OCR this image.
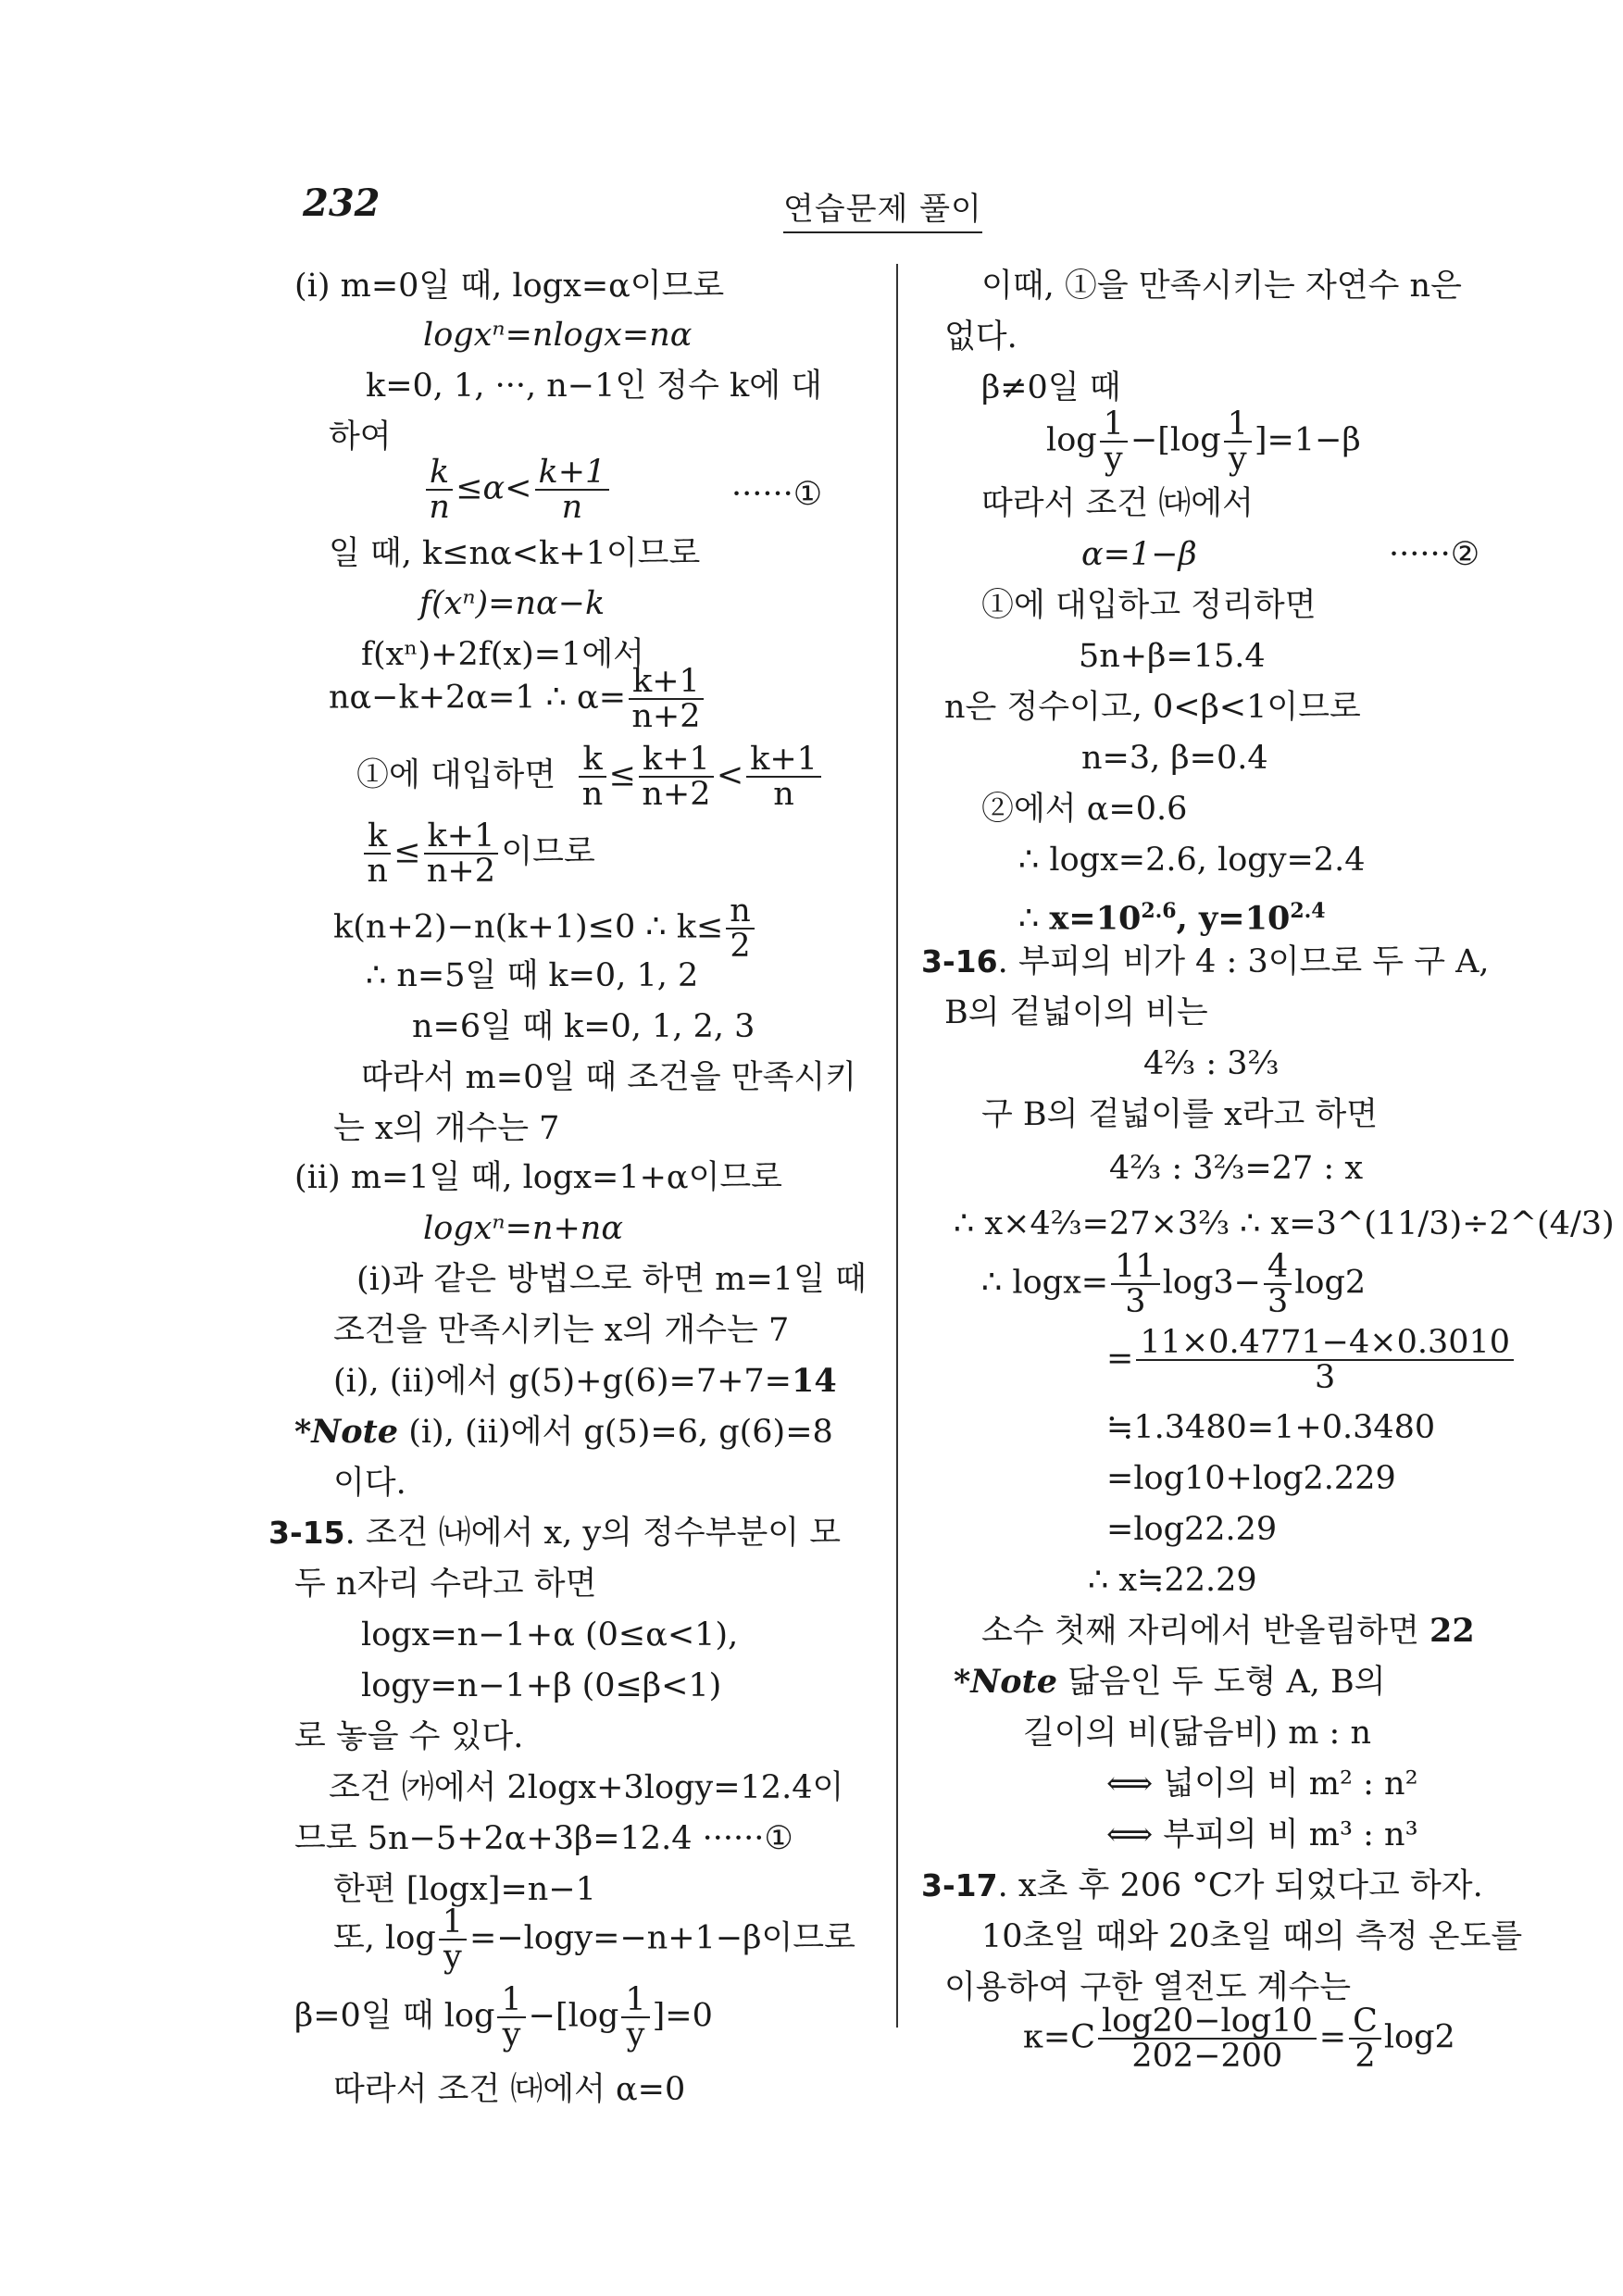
232	연습문제 풀이
(i) m=0일 때, logx=α이므로
logxⁿ=nlogx=nα
k=0, 1, ···, n−1인 정수 k에 대
하여
$\frac{k}{n} \le\alpha< \frac{k+1}{n}$	······①
일 때, k≤nα<k+1이므로
f(xⁿ)=nα−k
f(xⁿ)+2f(x)=1에서
nα−k+2α=1 ∴ $\alpha= \frac{k+1}{n+2}$
①에 대입하면 $\frac{k}{n} \le \frac{k+1}{n+2} < \frac{k+1}{n}$
$\frac{k}{n} \le \frac{k+1}{n+2}$ 이므로
k(n+2)−n(k+1)≤0 ∴ $k\le \frac{n}{2}$
∴ n=5일 때 k=0, 1, 2
n=6일 때 k=0, 1, 2, 3
따라서 m=0일 때 조건을 만족시키
는 x의 개수는 7
(ii) m=1일 때, logx=1+α이므로
logxⁿ=n+nα
(i)과 같은 방법으로 하면 m=1일 때
조건을 만족시키는 x의 개수는 7
(i), (ii)에서 g(5)+g(6)=7+7=14
*Note (i), (ii)에서 g(5)=6, g(6)=8
이다.
3-15. 조건 ㈏에서 x, y의 정수부분이 모
두 n자리 수라고 하면
logx=n−1+α (0≤α<1),
logy=n−1+β (0≤β<1)
로 놓을 수 있다.
조건 ㈎에서 2logx+3logy=12.4이
므로 5n−5+2α+3β=12.4 ······①
한편 [logx]=n−1
또, $\log \frac{1}{y} =-\log y=-n+1-\beta$이므로
β=0일 때 $\log \frac{1}{y} -[\log \frac{1}{y} ]=0$
따라서 조건 ㈐에서 α=0
이때, ①을 만족시키는 자연수 n은
없다.
β≠0일 때
$\log \frac{1}{y} -[\log \frac{1}{y} ]=1-\beta$
따라서 조건 ㈐에서
α=1−β	······②
①에 대입하고 정리하면
5n+β=15.4
n은 정수이고, 0<β<1이므로
n=3, β=0.4
②에서 α=0.6
∴ logx=2.6, logy=2.4
∴ $x=10^{2.6}$, $y=10^{2.4}$
3-16. 부피의 비가 4 : 3이므로 두 구 A,
B의 겉넓이의 비는
4⅔ : 3⅔
구 B의 겉넓이를 x라고 하면
4⅔ : 3⅔=27 : x
∴ x×4⅔=27×3⅔ ∴ x=3^(11/3)÷2^(4/3)
∴ $\log x= \frac{11}{3} \log 3- \frac{4}{3} \log 2$
= $\frac{11\times 0.4771-4\times 0.3010}{3}$
≒1.3480=1+0.3480
=log10+log2.229
=log22.29
∴ x≒22.29
소수 첫째 자리에서 반올림하면 22
*Note 닮음인 두 도형 A, B의
길이의 비(닮음비) m : n
⟺ 넓이의 비 m² : n²
⟺ 부피의 비 m³ : n³
3-17. x초 후 206 °C가 되었다고 하자.
10초일 때와 20초일 때의 측정 온도를
이용하여 구한 열전도 계수는
$\kappa=C \frac{\log 20-\log 10}{202-200} = \frac{C}{2} \log 2$
